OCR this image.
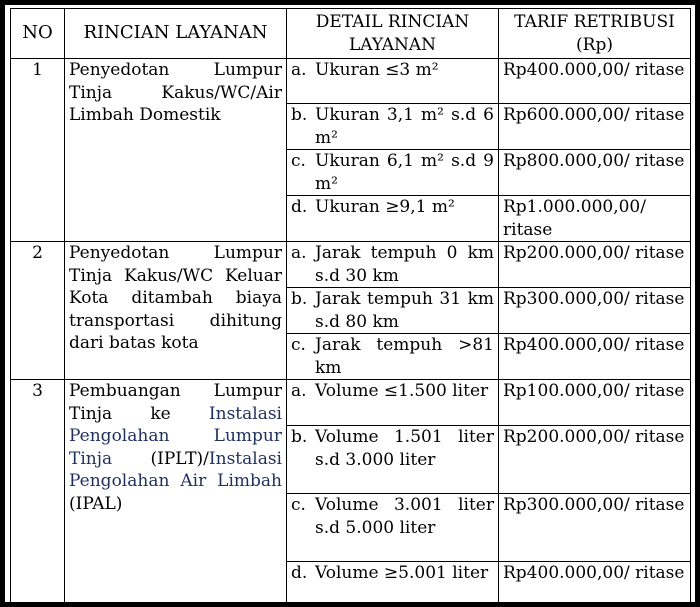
NO	RINCIAN LAYANAN	DETAIL RINCIAN LAYANAN	TARIF RETRIBUSI (Rp)
1	Penyedotan Lumpur Tinja Kakus/WC/Air Limbah Domestik	a. Ukuran ≤3 m²	Rp400.000,00/ ritase

		b. Ukuran 3,1 m² s.d 6 m²	Rp600.000,00/ ritase

		c. Ukuran 6,1 m² s.d 9 m²	Rp800.000,00/ ritase

		d. Ukuran ≥9,1 m²	Rp1.000.000,00/ ritase
2	Penyedotan Lumpur Tinja Kakus/WC Keluar Kota ditambah biaya transportasi dihitung dari batas kota	a. Jarak tempuh 0 km s.d 30 km	Rp200.000,00/ ritase

		b. Jarak tempuh 31 km s.d 80 km	Rp300.000,00/ ritase

		c. Jarak tempuh >81 km	Rp400.000,00/ ritase
3	Pembuangan Lumpur Tinja ke Instalasi Pengolahan Lumpur Tinja (IPLT)/Instalasi Pengolahan Air Limbah (IPAL)	a. Volume ≤1.500 liter	Rp100.000,00/ ritase

		b. Volume 1.501 liter s.d 3.000 liter	Rp200.000,00/ ritase

		c. Volume 3.001 liter s.d 5.000 liter	Rp300.000,00/ ritase

		d. Volume ≥5.001 liter	Rp400.000,00/ ritase
